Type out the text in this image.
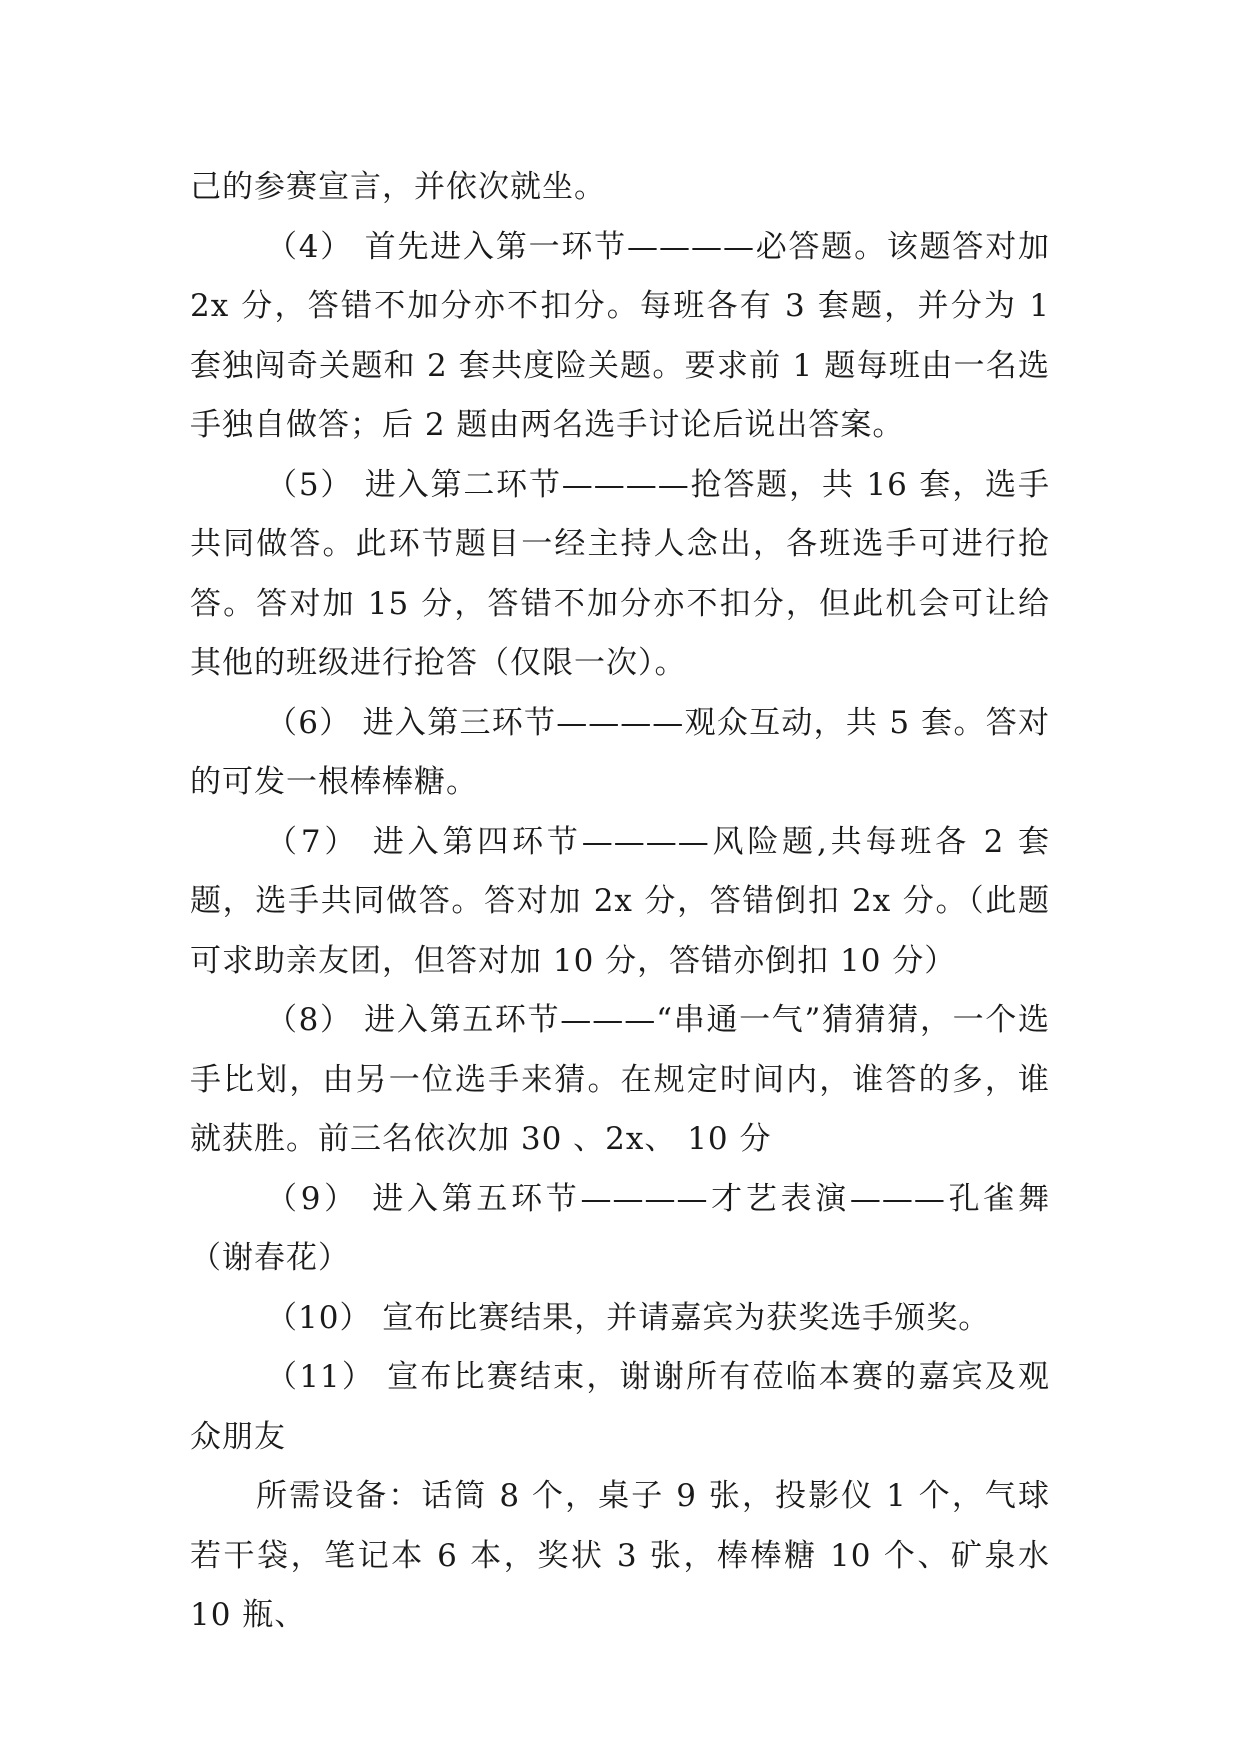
己的参赛宣言，并依次就坐。

（4） 首先进入第一环节————必答题。该题答对加 2x 分，答错不加分亦不扣分。每班各有 3 套题，并分为 1 套独闯奇关题和 2 套共度险关题。要求前 1 题每班由一名选手独自做答；后 2 题由两名选手讨论后说出答案。

（5） 进入第二环节————抢答题，共 16 套，选手共同做答。此环节题目一经主持人念出，各班选手可进行抢答。答对加 15 分，答错不加分亦不扣分，但此机会可让给其他的班级进行抢答（仅限一次）。

（6） 进入第三环节————观众互动，共 5 套。答对的可发一根棒棒糖。

（7） 进入第四环节————风险题,共每班各 2 套题，选手共同做答。答对加 2x 分，答错倒扣 2x 分。（此题可求助亲友团，但答对加 10 分，答错亦倒扣 10 分）

（8） 进入第五环节———“串通一气”猜猜猜，一个选手比划，由另一位选手来猜。在规定时间内，谁答的多，谁就获胜。前三名依次加 30 、2x、 10 分

（9） 进入第五环节————才艺表演———孔雀舞（谢春花）

（10） 宣布比赛结果，并请嘉宾为获奖选手颁奖。

（11） 宣布比赛结束，谢谢所有莅临本赛的嘉宾及观众朋友

所需设备：话筒 8 个，桌子 9 张，投影仪 1 个，气球若干袋，笔记本 6 本，奖状 3 张，棒棒糖 10 个、矿泉水 10 瓶、
